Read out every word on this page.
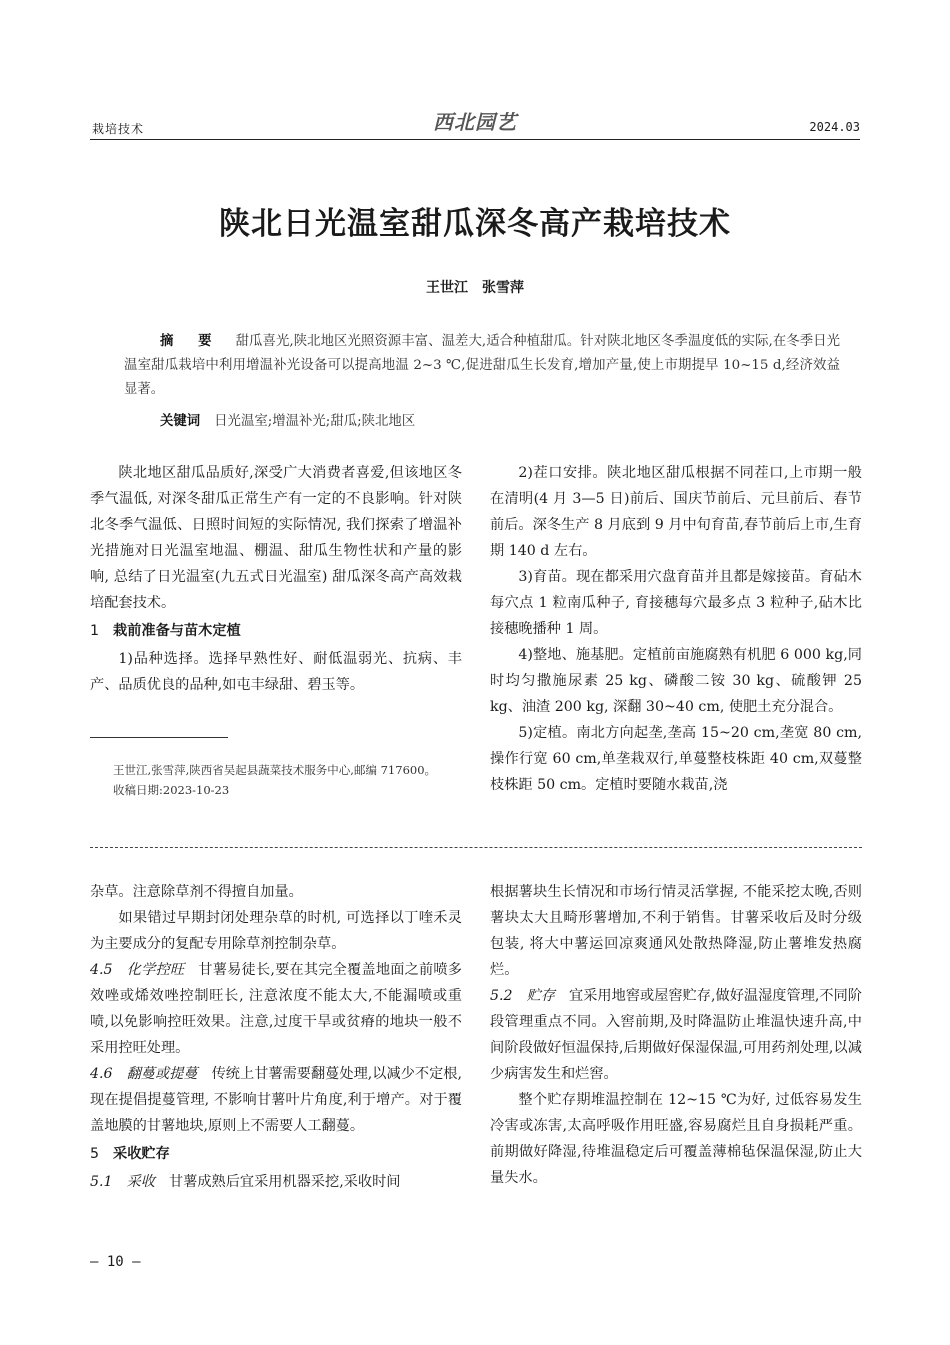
栽培技术	西北园艺	2024.03
陕北日光温室甜瓜深冬高产栽培技术
王世江　张雪萍
摘 要 甜瓜喜光,陕北地区光照资源丰富、温差大,适合种植甜瓜。针对陕北地区冬季温度低的实际,在冬季日光温室甜瓜栽培中利用增温补光设备可以提高地温 2~3 ℃,促进甜瓜生长发育,增加产量,使上市期提早 10~15 d,经济效益显著。
关键词 日光温室;增温补光;甜瓜;陕北地区

陕北地区甜瓜品质好,深受广大消费者喜爱,但该地区冬季气温低, 对深冬甜瓜正常生产有一定的不良影响。针对陕北冬季气温低、日照时间短的实际情况, 我们探索了增温补光措施对日光温室地温、棚温、甜瓜生物性状和产量的影响, 总结了日光温室(九五式日光温室) 甜瓜深冬高产高效栽培配套技术。

1 栽前准备与苗木定植

1)品种选择。选择早熟性好、耐低温弱光、抗病、丰产、品质优良的品种,如屯丰绿甜、碧玉等。

王世江,张雪萍,陕西省吴起县蔬菜技术服务中心,邮编 717600。

收稿日期:2023-10-23

2)茬口安排。陕北地区甜瓜根据不同茬口,上市期一般在清明(4 月 3—5 日)前后、国庆节前后、元旦前后、春节前后。深冬生产 8 月底到 9 月中旬育苗,春节前后上市,生育期 140 d 左右。

3)育苗。现在都采用穴盘育苗并且都是嫁接苗。育砧木每穴点 1 粒南瓜种子, 育接穗每穴最多点 3 粒种子,砧木比接穗晚播种 1 周。

4)整地、施基肥。定植前亩施腐熟有机肥 6 000 kg,同时均匀撒施尿素 25 kg、磷酸二铵 30 kg、硫酸钾 25 kg、油渣 200 kg, 深翻 30~40 cm, 使肥土充分混合。

5)定植。南北方向起垄,垄高 15~20 cm,垄宽 80 cm,操作行宽 60 cm,单垄栽双行,单蔓整枝株距 40 cm,双蔓整枝株距 50 cm。定植时要随水栽苗,浇

杂草。注意除草剂不得擅自加量。

如果错过早期封闭处理杂草的时机, 可选择以丁喹禾灵为主要成分的复配专用除草剂控制杂草。

4.5 化学控旺 甘薯易徒长,要在其完全覆盖地面之前喷多效唑或烯效唑控制旺长, 注意浓度不能太大,不能漏喷或重喷,以免影响控旺效果。注意,过度干旱或贫瘠的地块一般不采用控旺处理。

4.6 翻蔓或提蔓 传统上甘薯需要翻蔓处理,以减少不定根, 现在提倡提蔓管理, 不影响甘薯叶片角度,利于增产。对于覆盖地膜的甘薯地块,原则上不需要人工翻蔓。

5 采收贮存

5.1 采收 甘薯成熟后宜采用机器采挖,采收时间

根据薯块生长情况和市场行情灵活掌握, 不能采挖太晚,否则薯块太大且畸形薯增加,不利于销售。甘薯采收后及时分级包装, 将大中薯运回凉爽通风处散热降湿,防止薯堆发热腐烂。

5.2 贮存 宜采用地窖或屋窖贮存,做好温湿度管理,不同阶段管理重点不同。入窖前期,及时降温防止堆温快速升高,中间阶段做好恒温保持,后期做好保湿保温,可用药剂处理,以减少病害发生和烂窖。

整个贮存期堆温控制在 12~15 ℃为好, 过低容易发生冷害或冻害,太高呼吸作用旺盛,容易腐烂且自身损耗严重。前期做好降湿,待堆温稳定后可覆盖薄棉毡保温保湿,防止大量失水。

— 10 —
